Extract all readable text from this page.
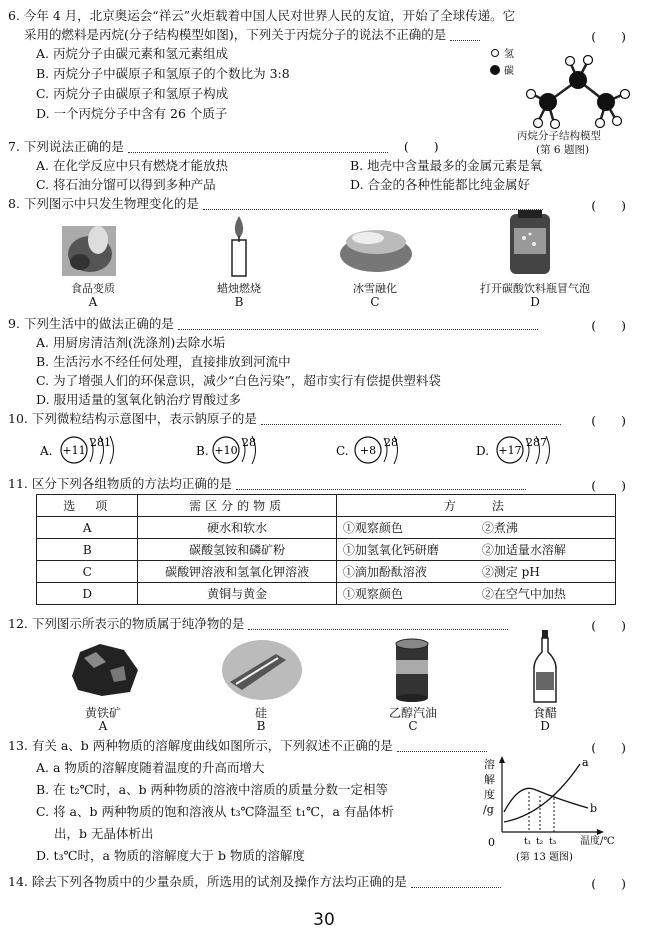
6. 今年 4 月，北京奥运会“祥云”火炬载着中国人民对世界人民的友谊，开始了全球传递。它
采用的燃料是丙烷(分子结构模型如图)，下列关于丙烷分子的说法不正确的是	(　　)
A. 丙烷分子由碳元素和氢元素组成
B. 丙烷分子中碳原子和氢原子的个数比为 3:8
C. 丙烷分子由碳原子和氢原子构成
D. 一个丙烷分子中含有 26 个质子
氢
碳
丙烷分子结构模型
(第 6 题图)
7. 下列说法正确的是	(　　)
A. 在化学反应中只有燃烧才能放热	B. 地壳中含量最多的金属元素是氧
C. 将石油分馏可以得到多种产品	D. 合金的各种性能都比纯金属好
8. 下列图示中只发生物理变化的是	(　　)
食品变质
A
蜡烛燃烧
B
冰雪融化
C
打开碳酸饮料瓶冒气泡
D
9. 下列生活中的做法正确的是	(　　)
A. 用厨房清洁剂(洗涤剂)去除水垢
B. 生活污水不经任何处理，直接排放到河流中
C. 为了增强人们的环保意识，减少“白色污染”，超市实行有偿提供塑料袋
D. 服用适量的氢氧化钠治疗胃酸过多
10. 下列微粒结构示意图中，表示钠原子的是	(　　)
A. +11
281
B. +10
28
C. +8
28
D. +17
287
11. 区分下列各组物质的方法均正确的是	(　　)
选　项	需区分的物质	方　　法	
A	硬水和软水	①观察颜色	②煮沸
B	碳酸氢铵和磷矿粉	①加氢氧化钙研磨	②加适量水溶解
C	碳酸钾溶液和氢氧化钾溶液	①滴加酚酞溶液	②测定 pH
D	黄铜与黄金	①观察颜色	②在空气中加热
12. 下列图示所表示的物质属于纯净物的是	(　　)
黄铁矿
A
硅
B
乙醇汽油
C
食醋
D
13. 有关 a、b 两种物质的溶解度曲线如图所示，下列叙述不正确的是	(　　)
A. a 物质的溶解度随着温度的升高而增大
B. 在 t₂℃时，a、b 两种物质的溶液中溶质的质量分数一定相等
C. 将 a、b 两种物质的饱和溶液从 t₃℃降温至 t₁℃，a 有晶体析
出，b 无晶体析出
D. t₃℃时，a 物质的溶解度大于 b 物质的溶解度
溶
解
度
/g
0
a
b
t₁ t₂ t₃ 温度/℃
(第 13 题图)
14. 除去下列各物质中的少量杂质，所选用的试剂及操作方法均正确的是	(　　)
30
